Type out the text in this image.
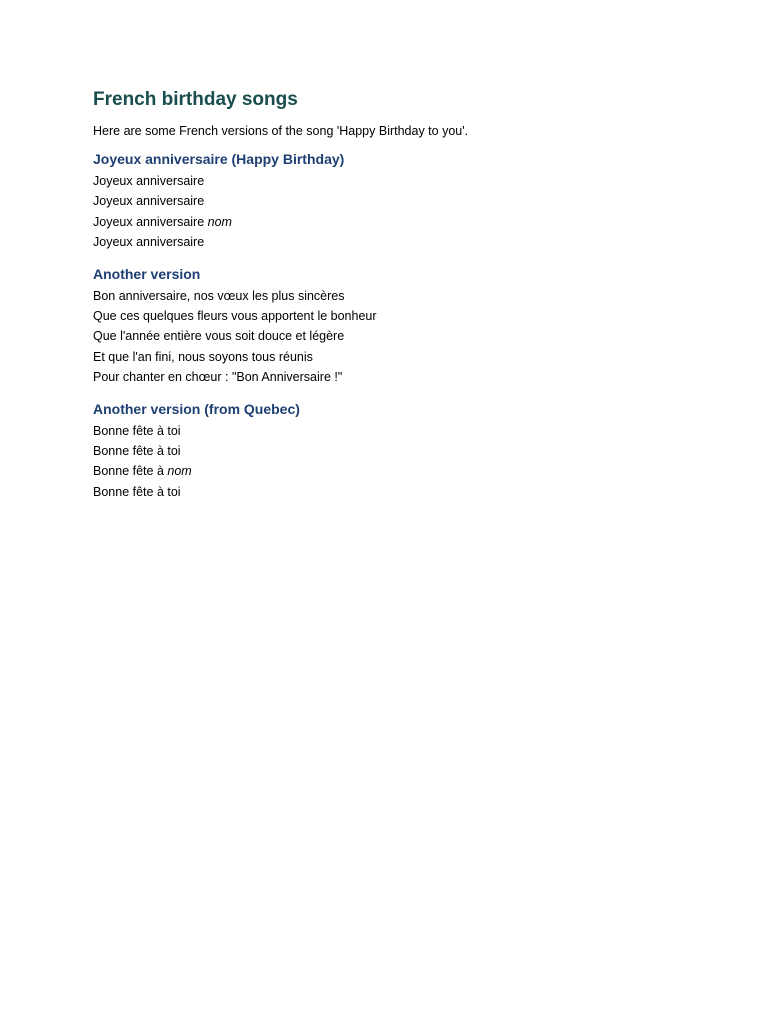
French birthday songs

Here are some French versions of the song 'Happy Birthday to you'.

Joyeux anniversaire (Happy Birthday)
Joyeux anniversaire
Joyeux anniversaire
Joyeux anniversaire nom
Joyeux anniversaire
Another version
Bon anniversaire, nos vœux les plus sincères
Que ces quelques fleurs vous apportent le bonheur
Que l'année entière vous soit douce et légère
Et que l'an fini, nous soyons tous réunis
Pour chanter en chœur : "Bon Anniversaire !"
Another version (from Quebec)
Bonne fête à toi
Bonne fête à toi
Bonne fête à nom
Bonne fête à toi
